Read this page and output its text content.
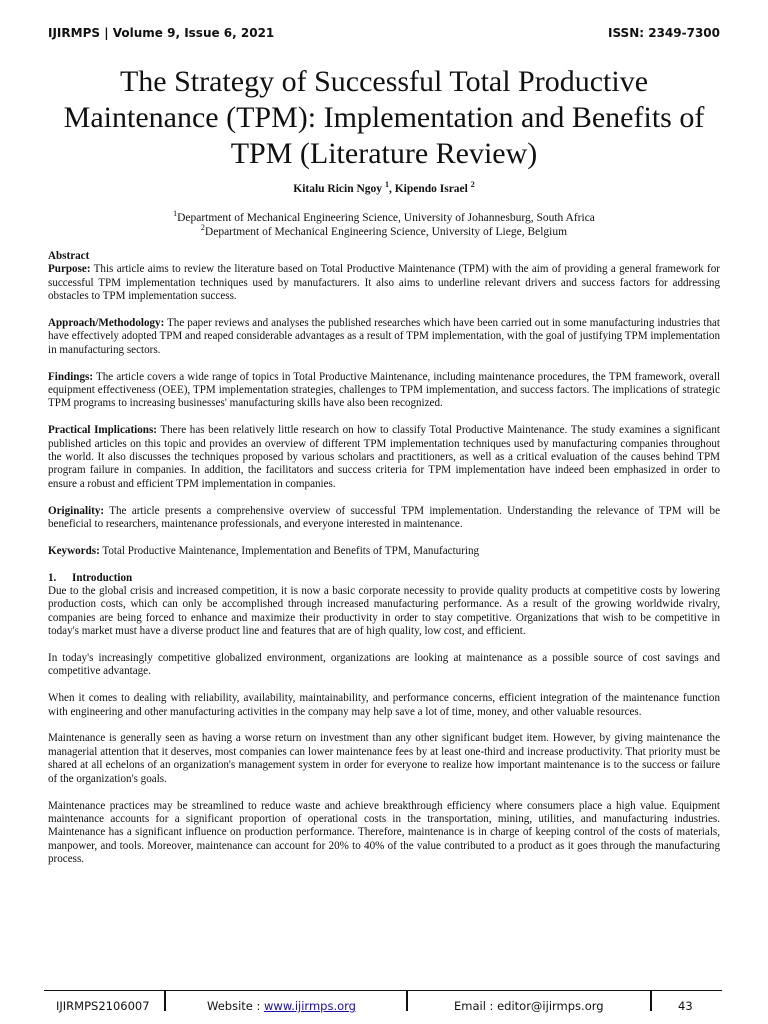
IJIRMPS | Volume 9, Issue 6, 2021	ISSN: 2349-7300
The Strategy of Successful Total Productive Maintenance (TPM): Implementation and Benefits of TPM (Literature Review)
Kitalu Ricin Ngoy $^1$, Kipendo Israel $^2$
$^1$Department of Mechanical Engineering Science, University of Johannesburg, South Africa
$^2$Department of Mechanical Engineering Science, University of Liege, Belgium

Abstract

Purpose: This article aims to review the literature based on Total Productive Maintenance (TPM) with the aim of providing a general framework for successful TPM implementation techniques used by manufacturers. It also aims to underline relevant drivers and success factors for addressing obstacles to TPM implementation success.

Approach/Methodology: The paper reviews and analyses the published researches which have been carried out in some manufacturing industries that have effectively adopted TPM and reaped considerable advantages as a result of TPM implementation, with the goal of justifying TPM implementation in manufacturing sectors.

Findings: The article covers a wide range of topics in Total Productive Maintenance, including maintenance procedures, the TPM framework, overall equipment effectiveness (OEE), TPM implementation strategies, challenges to TPM implementation, and success factors. The implications of strategic TPM programs to increasing businesses' manufacturing skills have also been recognized.

Practical Implications: There has been relatively little research on how to classify Total Productive Maintenance. The study examines a significant published articles on this topic and provides an overview of different TPM implementation techniques used by manufacturing companies throughout the world. It also discusses the techniques proposed by various scholars and practitioners, as well as a critical evaluation of the causes behind TPM program failure in companies. In addition, the facilitators and success criteria for TPM implementation have indeed been emphasized in order to ensure a robust and efficient TPM implementation in companies.

Originality: The article presents a comprehensive overview of successful TPM implementation. Understanding the relevance of TPM will be beneficial to researchers, maintenance professionals, and everyone interested in maintenance.

Keywords: Total Productive Maintenance, Implementation and Benefits of TPM, Manufacturing

1. Introduction

Due to the global crisis and increased competition, it is now a basic corporate necessity to provide quality products at competitive costs by lowering production costs, which can only be accomplished through increased manufacturing performance. As a result of the growing worldwide rivalry, companies are being forced to enhance and maximize their productivity in order to stay competitive. Organizations that wish to be competitive in today's market must have a diverse product line and features that are of high quality, low cost, and efficient.

In today's increasingly competitive globalized environment, organizations are looking at maintenance as a possible source of cost savings and competitive advantage.

When it comes to dealing with reliability, availability, maintainability, and performance concerns, efficient integration of the maintenance function with engineering and other manufacturing activities in the company may help save a lot of time, money, and other valuable resources.

Maintenance is generally seen as having a worse return on investment than any other significant budget item. However, by giving maintenance the managerial attention that it deserves, most companies can lower maintenance fees by at least one-third and increase productivity. That priority must be shared at all echelons of an organization's management system in order for everyone to realize how important maintenance is to the success or failure of the organization's goals.

Maintenance practices may be streamlined to reduce waste and achieve breakthrough efficiency where consumers place a high value. Equipment maintenance accounts for a significant proportion of operational costs in the transportation, mining, utilities, and manufacturing industries. Maintenance has a significant influence on production performance. Therefore, maintenance is in charge of keeping control of the costs of materials, manpower, and tools. Moreover, maintenance can account for 20% to 40% of the value contributed to a product as it goes through the manufacturing process.

IJIRMPS2106007	Website : www.ijirmps.org	Email : editor@ijirmps.org	43
